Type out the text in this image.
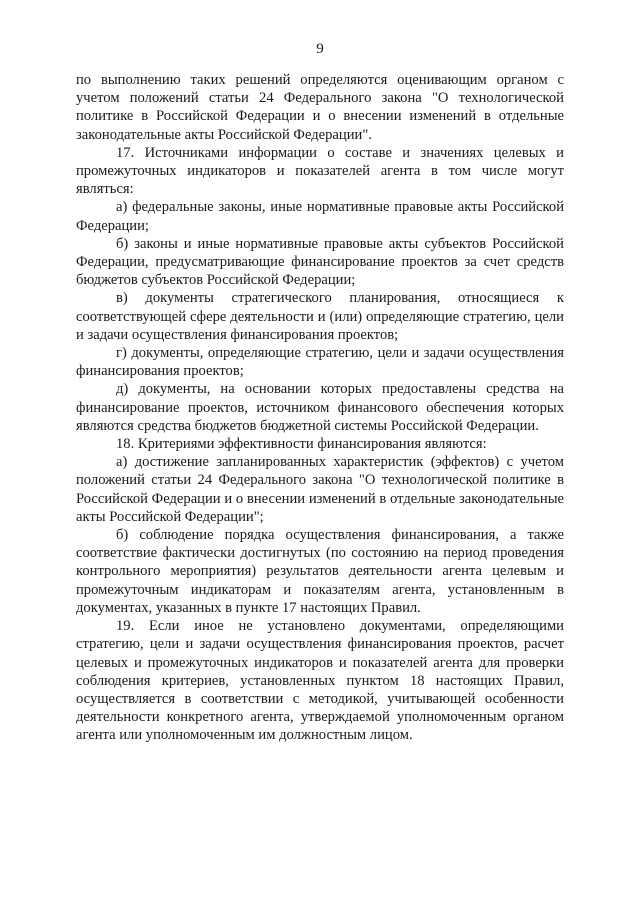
9

по выполнению таких решений определяются оценивающим органом с учетом положений статьи 24 Федерального закона "О технологической политике в Российской Федерации и о внесении изменений в отдельные законодательные акты Российской Федерации".

17. Источниками информации о составе и значениях целевых и промежуточных индикаторов и показателей агента в том числе могут являться:

а) федеральные законы, иные нормативные правовые акты Российской Федерации;

б) законы и иные нормативные правовые акты субъектов Российской Федерации, предусматривающие финансирование проектов за счет средств бюджетов субъектов Российской Федерации;

в) документы стратегического планирования, относящиеся к соответствующей сфере деятельности и (или) определяющие стратегию, цели и задачи осуществления финансирования проектов;

г) документы, определяющие стратегию, цели и задачи осуществления финансирования проектов;

д) документы, на основании которых предоставлены средства на финансирование проектов, источником финансового обеспечения которых являются средства бюджетов бюджетной системы Российской Федерации.

18. Критериями эффективности финансирования являются:

а) достижение запланированных характеристик (эффектов) с учетом положений статьи 24 Федерального закона "О технологической политике в Российской Федерации и о внесении изменений в отдельные законодательные акты Российской Федерации";

б) соблюдение порядка осуществления финансирования, а также соответствие фактически достигнутых (по состоянию на период проведения контрольного мероприятия) результатов деятельности агента целевым и промежуточным индикаторам и показателям агента, установленным в документах, указанных в пункте 17 настоящих Правил.

19. Если иное не установлено документами, определяющими стратегию, цели и задачи осуществления финансирования проектов, расчет целевых и промежуточных индикаторов и показателей агента для проверки соблюдения критериев, установленных пунктом 18 настоящих Правил, осуществляется в соответствии с методикой, учитывающей особенности деятельности конкретного агента, утверждаемой уполномоченным органом агента или уполномоченным им должностным лицом.
